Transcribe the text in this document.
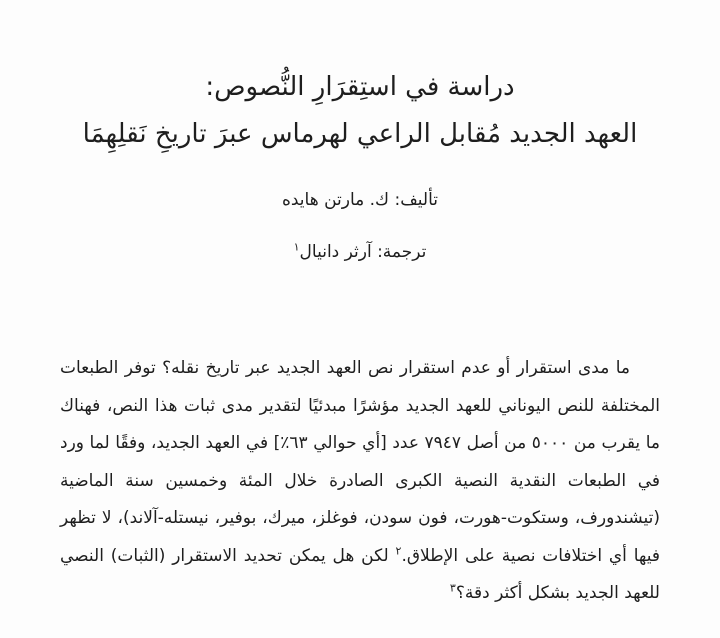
دراسة في استِقرَارِ النُّصوص:
العهد الجديد مُقابل الراعي لهرماس عبرَ تاريخِ نَقلِهِمَا
تأليف: ك. مارتن هايده
ترجمة: آرثر دانيال$^١$

ما مدى استقرار أو عدم استقرار نص العهد الجديد عبر تاريخ نقله؟ توفر الطبعات المختلفة للنص اليوناني للعهد الجديد مؤشرًا مبدئيًا لتقدير مدى ثبات هذا النص، فهناك ما يقرب من ٥٠٠٠ من أصل ٧٩٤٧ عدد [أي حوالي ٦٣٪] في العهد الجديد، وفقًا لما ورد في الطبعات النقدية النصية الكبرى الصادرة خلال المئة وخمسين سنة الماضية (تيشندورف، وستكوت-هورت، فون سودن، فوغلز، ميرك، بوفير، نيستله-آلاند)، لا تظهر فيها أي اختلافات نصية على الإطلاق.$^٢$ لكن هل يمكن تحديد الاستقرار (الثبات) النصي للعهد الجديد بشكل أكثر دقة؟$^٣$
